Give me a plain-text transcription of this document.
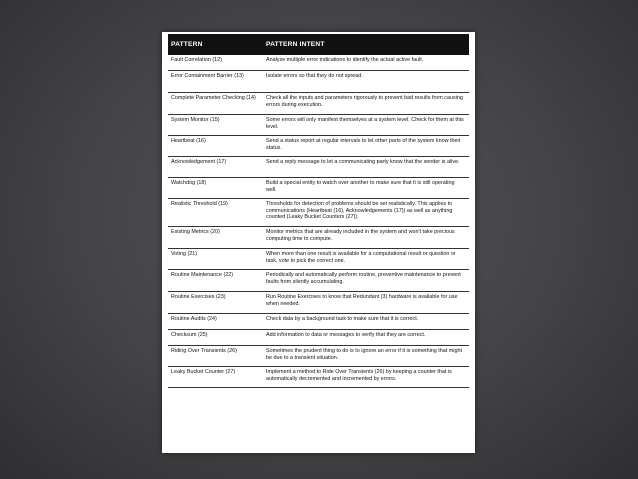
PATTERN	PATTERN INTENT
Fault Correlation (12)	Analyze multiple error indications to identify the actual active fault.
Error Containment Barrier (13)	Isolate errors so that they do not spread.
Complete Parameter Checking (14)	Check all the inputs and parameters rigorously to prevent bad results from causing errors during execution.
System Monitor (15)	Some errors will only manifest themselves at a system level. Check for them at this level.
Heartbeat (16)	Send a status report at regular intervals to let other parts of the system know their status.
Acknowledgement (17)	Send a reply message to let a communicating party know that the sender is alive.
Watchdog (18)	Build a special entity to watch over another to make sure that it is still operating well.
Realistic Threshold (19)	Thresholds for detection of problems should be set realistically. This applies to communications (Heartbeat (16), Acknowledgements (17)) as well as anything counted (Leaky Bucket Counters (27)).
Existing Metrics (20)	Monitor metrics that are already included in the system and won't take precious computing time to compute.
Voting (21)	When more than one result is available for a computational result or question or task, vote to pick the correct one.
Routine Maintenance (22)	Periodically and automatically perform routine, preventive maintenance to prevent faults from silently accumulating.
Routine Exercises (23)	Run Routine Exercises to know that Redundant (3) hardware is available for use when needed.
Routine Audits (24)	Check data by a background task to make sure that it is correct.
Checksum (25)	Add information to data or messages to verify that they are correct.
Riding Over Transients (26)	Sometimes the prudent thing to do is to ignore an error if it is something that might be due to a transient situation.
Leaky Bucket Counter (27)	Implement a method to Ride Over Transients (26) by keeping a counter that is automatically decremented and incremented by errors.
